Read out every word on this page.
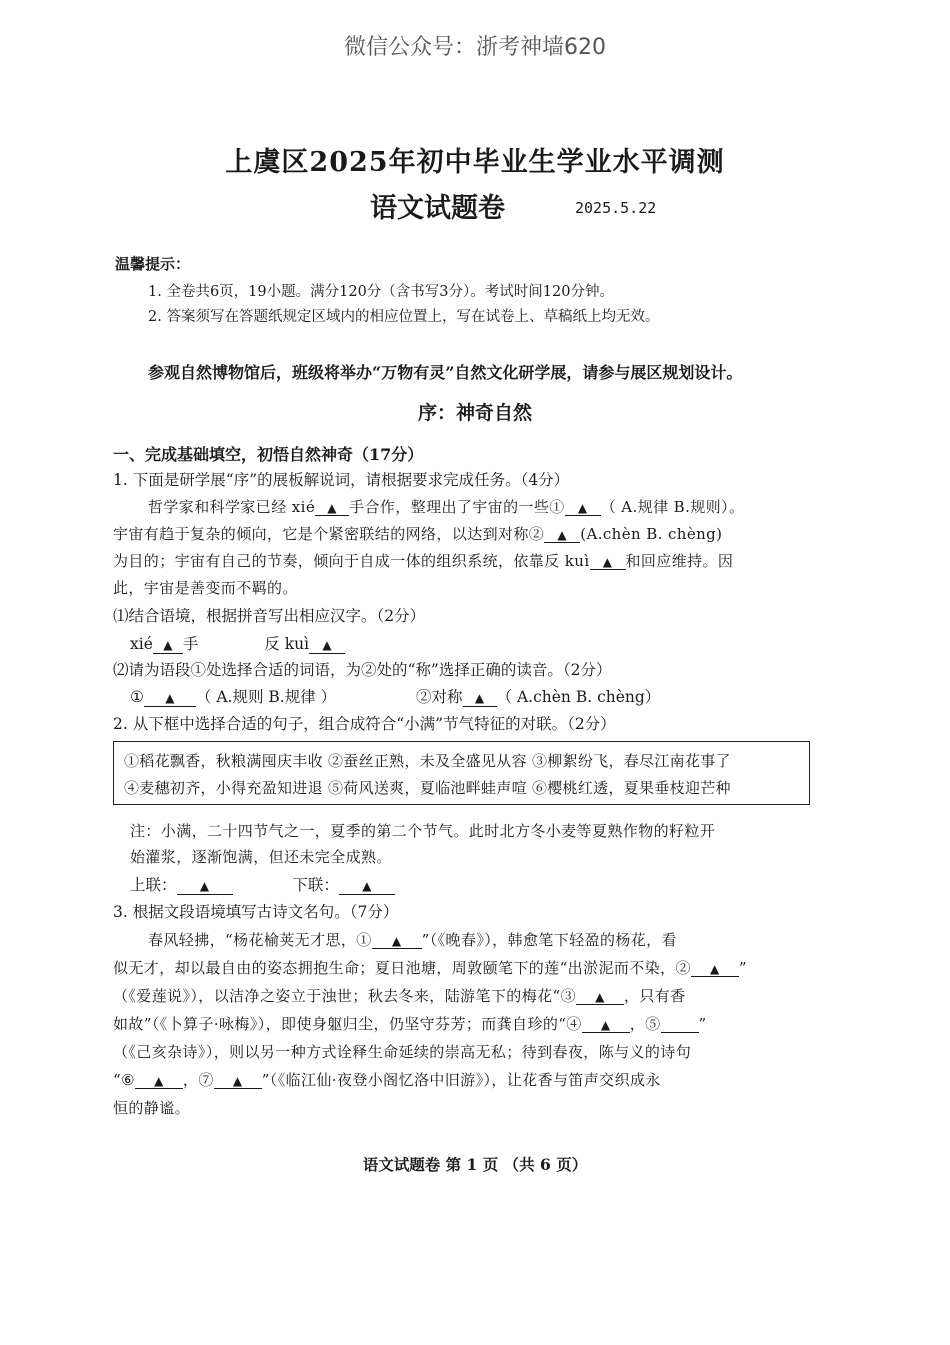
微信公众号：浙考神墙620
上虞区2025年初中毕业生学业水平调测
语文试题卷	2025.5.22
温馨提示：
1. 全卷共6页，19小题。满分120分（含书写3分）。考试时间120分钟。
2. 答案须写在答题纸规定区域内的相应位置上，写在试卷上、草稿纸上均无效。
参观自然博物馆后，班级将举办“万物有灵”自然文化研学展，请参与展区规划设计。
序：神奇自然
一、完成基础填空，初悟自然神奇（17分）
1. 下面是研学展“序”的展板解说词，请根据要求完成任务。（4分）
哲学家和科学家已经 xié ▲ 手合作，整理出了宇宙的一些① ▲ （ A.规律 B.规则）。
宇宙有趋于复杂的倾向，它是个紧密联结的网络，以达到对称② ▲ (A.chèn B. chèng)
为目的；宇宙有自己的节奏，倾向于自成一体的组织系统，依靠反 kuì ▲ 和回应维持。因
此，宇宙是善变而不羁的。
⑴结合语境，根据拼音写出相应汉字。（2分）
xié ▲ 手	反 kuì ▲
⑵请为语段①处选择合适的词语，为②处的“称”选择正确的读音。（2分）
① ▲ （ A.规则 B.规律 ）	②对称 ▲ （ A.chèn B. chèng）
2. 从下框中选择合适的句子，组合成符合“小满”节气特征的对联。（2分）
①稻花飘香，秋粮满囤庆丰收 ②蚕丝正熟，未及全盛见从容 ③柳絮纷飞，春尽江南花事了
④麦穗初齐，小得充盈知进退 ⑤荷风送爽，夏临池畔蛙声喧 ⑥樱桃红透，夏果垂枝迎芒种
注：小满，二十四节气之一，夏季的第二个节气。此时北方冬小麦等夏熟作物的籽粒开
始灌浆，逐渐饱满，但还未完全成熟。
上联： ▲	下联： ▲
3. 根据文段语境填写古诗文名句。（7分）
春风轻拂，“杨花榆荚无才思，① ▲ ”（《晚春》），韩愈笔下轻盈的杨花，看
似无才，却以最自由的姿态拥抱生命；夏日池塘，周敦颐笔下的莲“出淤泥而不染，② ▲ ”
（《爱莲说》），以洁净之姿立于浊世；秋去冬来，陆游笔下的梅花“③ ▲ ，只有香
如故”（《卜算子·咏梅》），即使身躯归尘，仍坚守芬芳；而龚自珍的“④ ▲ ，⑤	”
（《己亥杂诗》），则以另一种方式诠释生命延续的崇高无私；待到春夜，陈与义的诗句
“⑥ ▲ ，⑦ ▲ ”（《临江仙·夜登小阁忆洛中旧游》），让花香与笛声交织成永
恒的静谧。
语文试题卷 第 1 页 （共 6 页）
